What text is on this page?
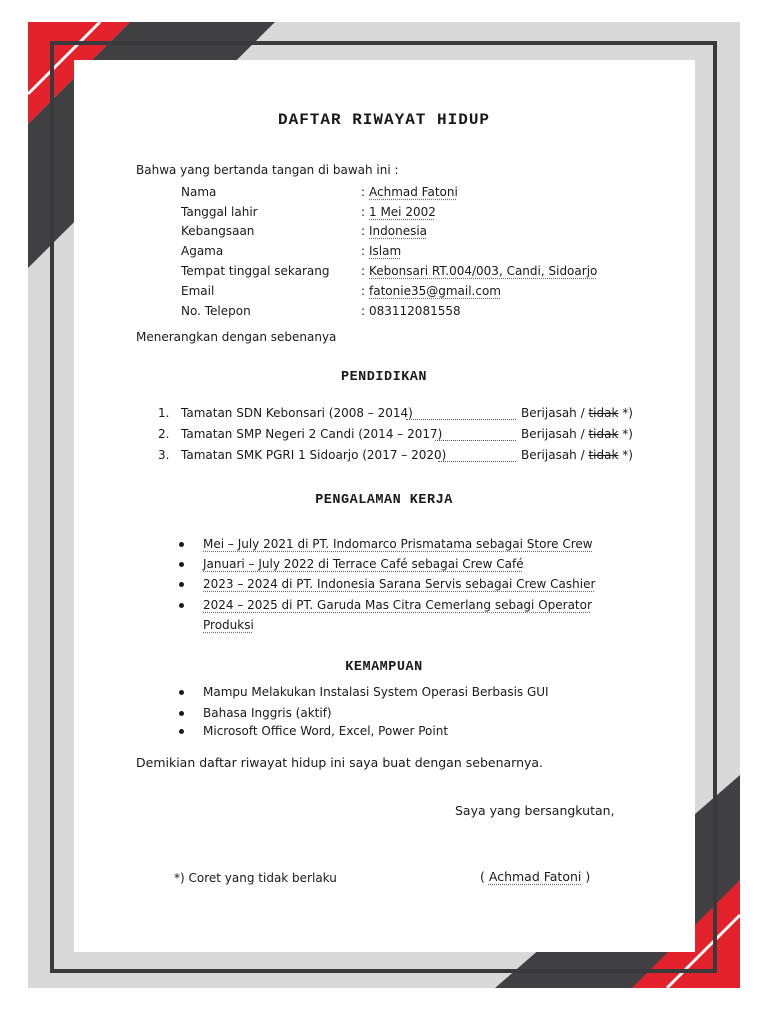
DAFTAR RIWAYAT HIDUP
Bahwa yang bertanda tangan di bawah ini :
Nama	: Achmad Fatoni
Tanggal lahir	: 1 Mei 2002
Kebangsaan	: Indonesia
Agama	: Islam
Tempat tinggal sekarang	: Kebonsari RT.004/003, Candi, Sidoarjo
Email	: fatonie35@gmail.com
No. Telepon	: 083112081558
Menerangkan dengan sebenanya
PENDIDIKAN
1. Tamatan SDN Kebonsari (2008 – 2014)	Berijasah / tidak *)
2. Tamatan SMP Negeri 2 Candi (2014 – 2017)	Berijasah / tidak *)
3. Tamatan SMK PGRI 1 Sidoarjo (2017 – 2020)	Berijasah / tidak *)
PENGALAMAN KERJA
Mei – July 2021 di PT. Indomarco Prismatama sebagai Store Crew
Januari – July 2022 di Terrace Café sebagai Crew Café
2023 – 2024 di PT. Indonesia Sarana Servis sebagai Crew Cashier
2024 – 2025 di PT. Garuda Mas Citra Cemerlang sebagi Operator
Produksi
KEMAMPUAN
Mampu Melakukan Instalasi System Operasi Berbasis GUI
Bahasa Inggris (aktif)
Microsoft Office Word, Excel, Power Point
Demikian daftar riwayat hidup ini saya buat dengan sebenarnya.
Saya yang bersangkutan,
*) Coret yang tidak berlaku	( Achmad Fatoni )
